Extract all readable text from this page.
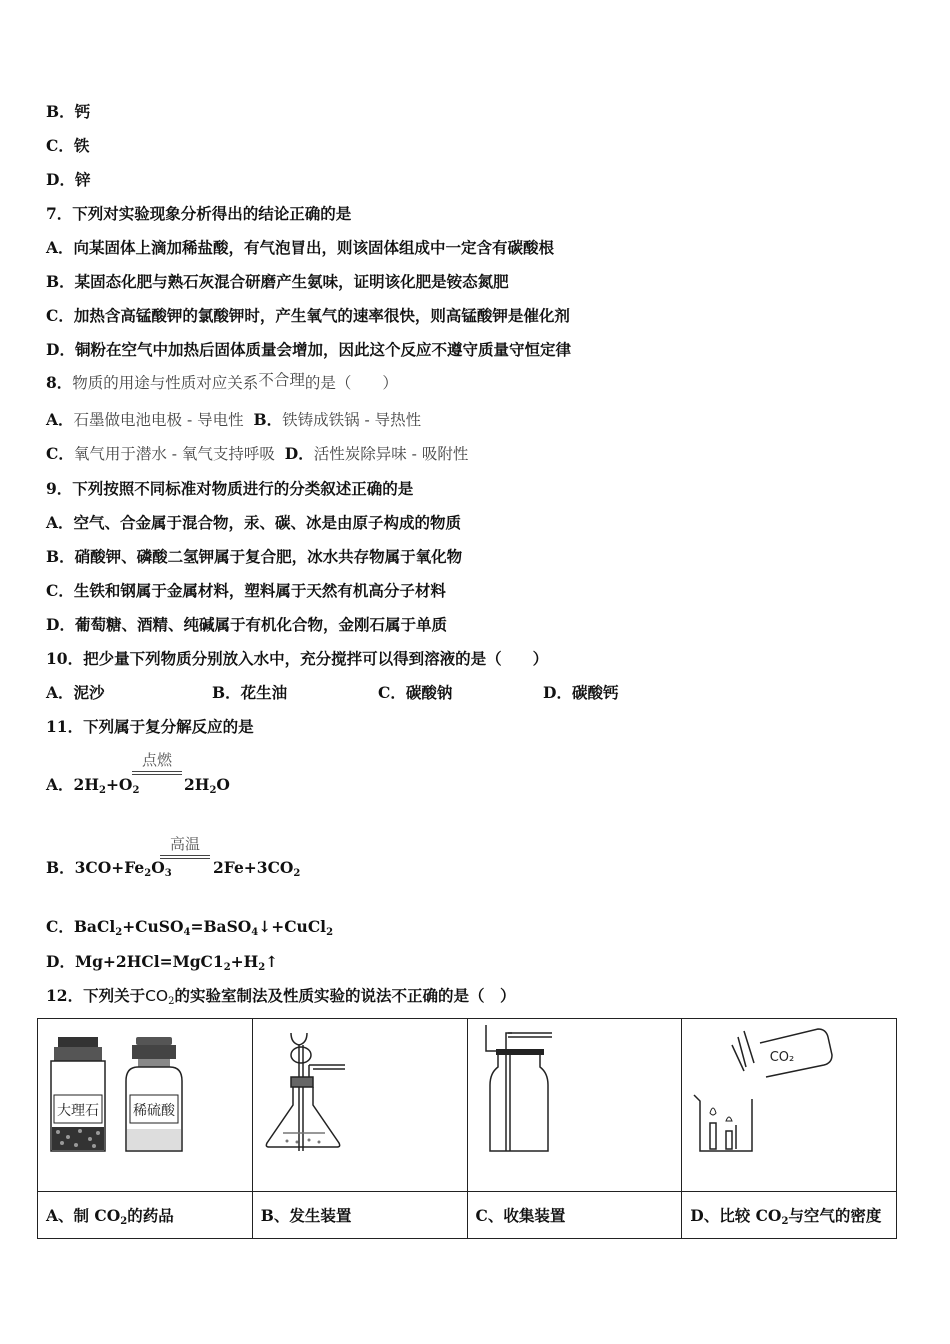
B．钙
C．铁
D．锌
7．下列对实验现象分析得出的结论正确的是
A．向某固体上滴加稀盐酸，有气泡冒出，则该固体组成中一定含有碳酸根
B．某固态化肥与熟石灰混合研磨产生氨味，证明该化肥是铵态氮肥
C．加热含高锰酸钾的氯酸钾时，产生氧气的速率很快，则高锰酸钾是催化剂
D．铜粉在空气中加热后固体质量会增加，因此这个反应不遵守质量守恒定律
8．物质的用途与性质对应关系不合理的是（　　）
A．石墨做电池电极 - 导电性 B．铁铸成铁锅 - 导热性
C．氧气用于潜水 - 氧气支持呼吸 D．活性炭除异味 - 吸附性
9．下列按照不同标准对物质进行的分类叙述正确的是
A．空气、合金属于混合物，汞、碳、冰是由原子构成的物质
B．硝酸钾、磷酸二氢钾属于复合肥，冰水共存物属于氧化物
C．生铁和钢属于金属材料，塑料属于天然有机高分子材料
D．葡萄糖、酒精、纯碱属于有机化合物，金刚石属于单质
10．把少量下列物质分别放入水中，充分搅拌可以得到溶液的是（　　）
A．泥沙	B．花生油	C．碳酸钠	D．碳酸钙
11．下列属于复分解反应的是
A．$2H_2+O_2$
点燃
$2H_2O$
B．$3CO+Fe_2O_3$
高温
$2Fe+3CO_2$
C．BaCl$_2$+CuSO$_4$=BaSO$_4$↓+CuCl$_2$
D．$Mg+2HCl=MgC1_2+H_2↑$
12．下列关于$CO_2$的实验室制法及性质实验的说法不正确的是（　）
大理石 稀硫酸			CO₂

A、制 $CO_2$的药品	B、发生装置	C、收集装置	D、比较 $CO_2$与空气的密度
